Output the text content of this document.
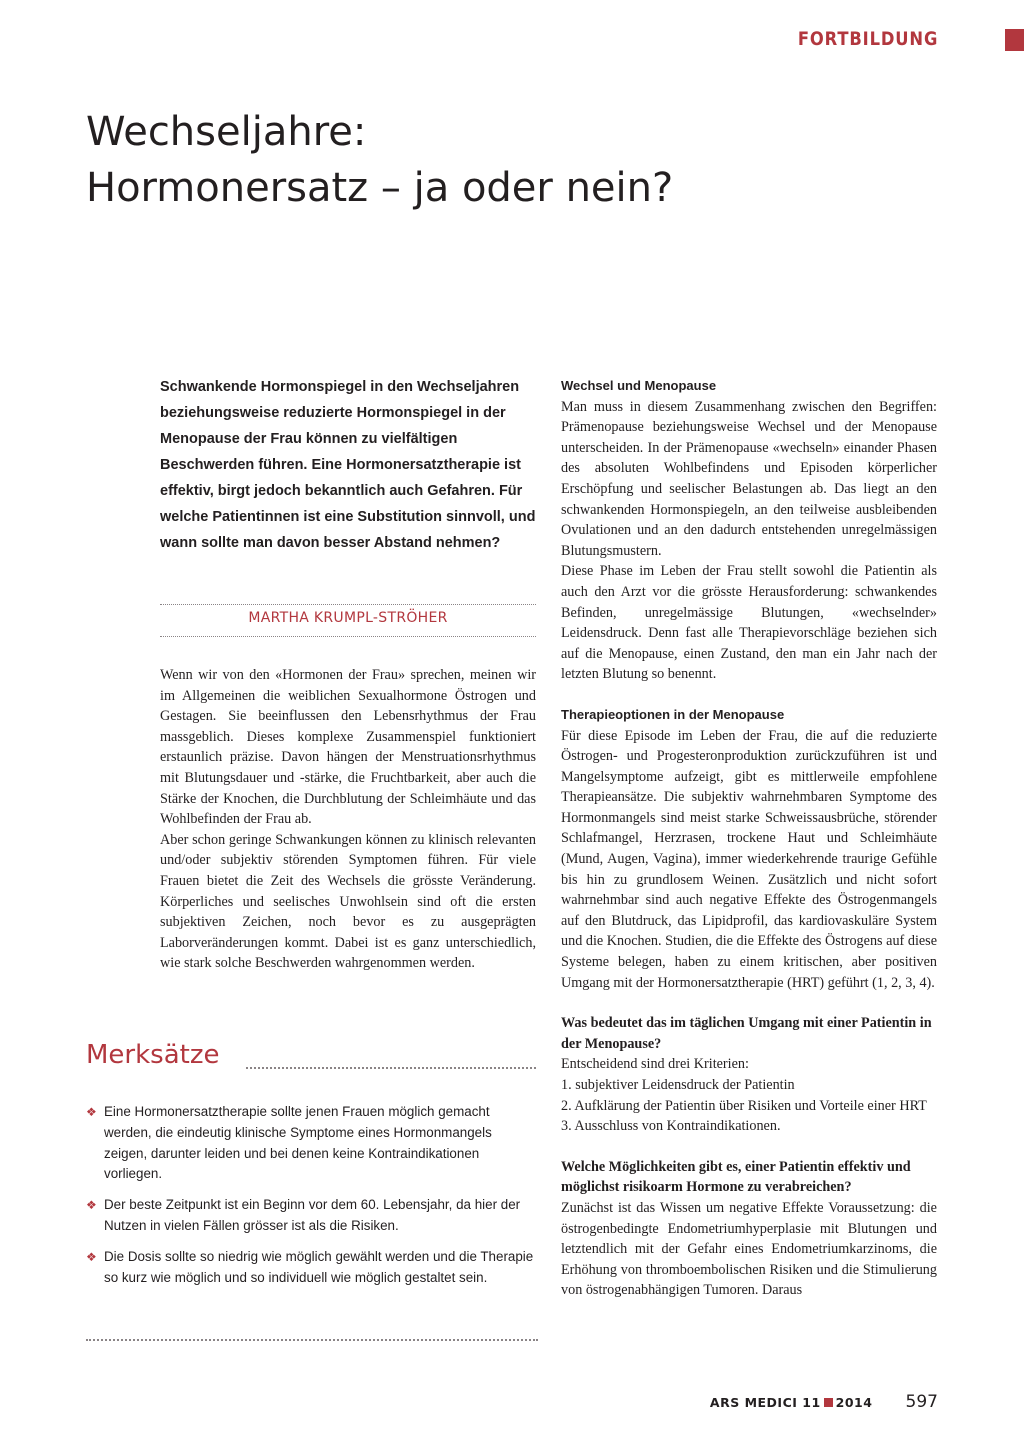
FORTBILDUNG
Wechseljahre:
Hormonersatz – ja oder nein?

Schwankende Hormonspiegel in den Wechseljahren beziehungsweise reduzierte Hormonspiegel in der Menopause der Frau können zu vielfältigen Beschwerden führen. Eine Hormonersatztherapie ist effektiv, birgt jedoch bekanntlich auch Gefahren. Für welche Patientinnen ist eine Substitution sinnvoll, und wann sollte man davon besser Abstand nehmen?

MARTHA KRUMPL-STRÖHER

Wenn wir von den «Hormonen der Frau» sprechen, meinen wir im Allgemeinen die weiblichen Sexualhormone Östrogen und Gestagen. Sie beeinflussen den Lebensrhythmus der Frau massgeblich. Dieses komplexe Zusammenspiel funktioniert erstaunlich präzise. Davon hängen der Menstruationsrhythmus mit Blutungsdauer und -stärke, die Fruchtbarkeit, aber auch die Stärke der Knochen, die Durchblutung der Schleimhäute und das Wohlbefinden der Frau ab.

Aber schon geringe Schwankungen können zu klinisch relevanten und/oder subjektiv störenden Symptomen führen. Für viele Frauen bietet die Zeit des Wechsels die grösste Veränderung. Körperliches und seelisches Unwohlsein sind oft die ersten subjektiven Zeichen, noch bevor es zu ausgeprägten Laborveränderungen kommt. Dabei ist es ganz unterschiedlich, wie stark solche Beschwerden wahrgenommen werden.

Merksätze
❖ Eine Hormonersatztherapie sollte jenen Frauen möglich gemacht werden, die eindeutig klinische Symptome eines Hormonmangels zeigen, darunter leiden und bei denen keine Kontraindikationen vorliegen.
❖ Der beste Zeitpunkt ist ein Beginn vor dem 60. Lebensjahr, da hier der Nutzen in vielen Fällen grösser ist als die Risiken.
❖ Die Dosis sollte so niedrig wie möglich gewählt werden und die Therapie so kurz wie möglich und so individuell wie möglich gestaltet sein.
Wechsel und Menopause

Man muss in diesem Zusammenhang zwischen den Begriffen: Prämenopause beziehungsweise Wechsel und der Menopause unterscheiden. In der Prämenopause «wechseln» einander Phasen des absoluten Wohlbefindens und Episoden körperlicher Erschöpfung und seelischer Belastungen ab. Das liegt an den schwankenden Hormonspiegeln, an den teilweise ausbleibenden Ovulationen und an den dadurch entstehenden unregelmässigen Blutungsmustern.

Diese Phase im Leben der Frau stellt sowohl die Patientin als auch den Arzt vor die grösste Herausforderung: schwankendes Befinden, unregelmässige Blutungen, «wechselnder» Leidensdruck. Denn fast alle Therapievorschläge beziehen sich auf die Menopause, einen Zustand, den man ein Jahr nach der letzten Blutung so benennt.

Therapieoptionen in der Menopause

Für diese Episode im Leben der Frau, die auf die reduzierte Östrogen- und Progesteronproduktion zurückzuführen ist und Mangelsymptome aufzeigt, gibt es mittlerweile empfohlene Therapieansätze. Die subjektiv wahrnehmbaren Symptome des Hormonmangels sind meist starke Schweissausbrüche, störender Schlafmangel, Herzrasen, trockene Haut und Schleimhäute (Mund, Augen, Vagina), immer wiederkehrende traurige Gefühle bis hin zu grundlosem Weinen. Zusätzlich und nicht sofort wahrnehmbar sind auch negative Effekte des Östrogenmangels auf den Blutdruck, das Lipidprofil, das kardiovaskuläre System und die Knochen. Studien, die die Effekte des Östrogens auf diese Systeme belegen, haben zu einem kritischen, aber positiven Umgang mit der Hormonersatztherapie (HRT) geführt (1, 2, 3, 4).

Was bedeutet das im täglichen Umgang mit einer Patientin in der Menopause?

Entscheidend sind drei Kriterien:

1. subjektiver Leidensdruck der Patientin
2. Aufklärung der Patientin über Risiken und Vorteile einer HRT
3. Ausschluss von Kontraindikationen.
Welche Möglichkeiten gibt es, einer Patientin effektiv und möglichst risikoarm Hormone zu verabreichen?

Zunächst ist das Wissen um negative Effekte Voraussetzung: die östrogenbedingte Endometriumhyperplasie mit Blutungen und letztendlich mit der Gefahr eines Endometriumkarzinoms, die Erhöhung von thromboembolischen Risiken und die Stimulierung von östrogenabhängigen Tumoren. Daraus

ARS MEDICI 11 2014 597
